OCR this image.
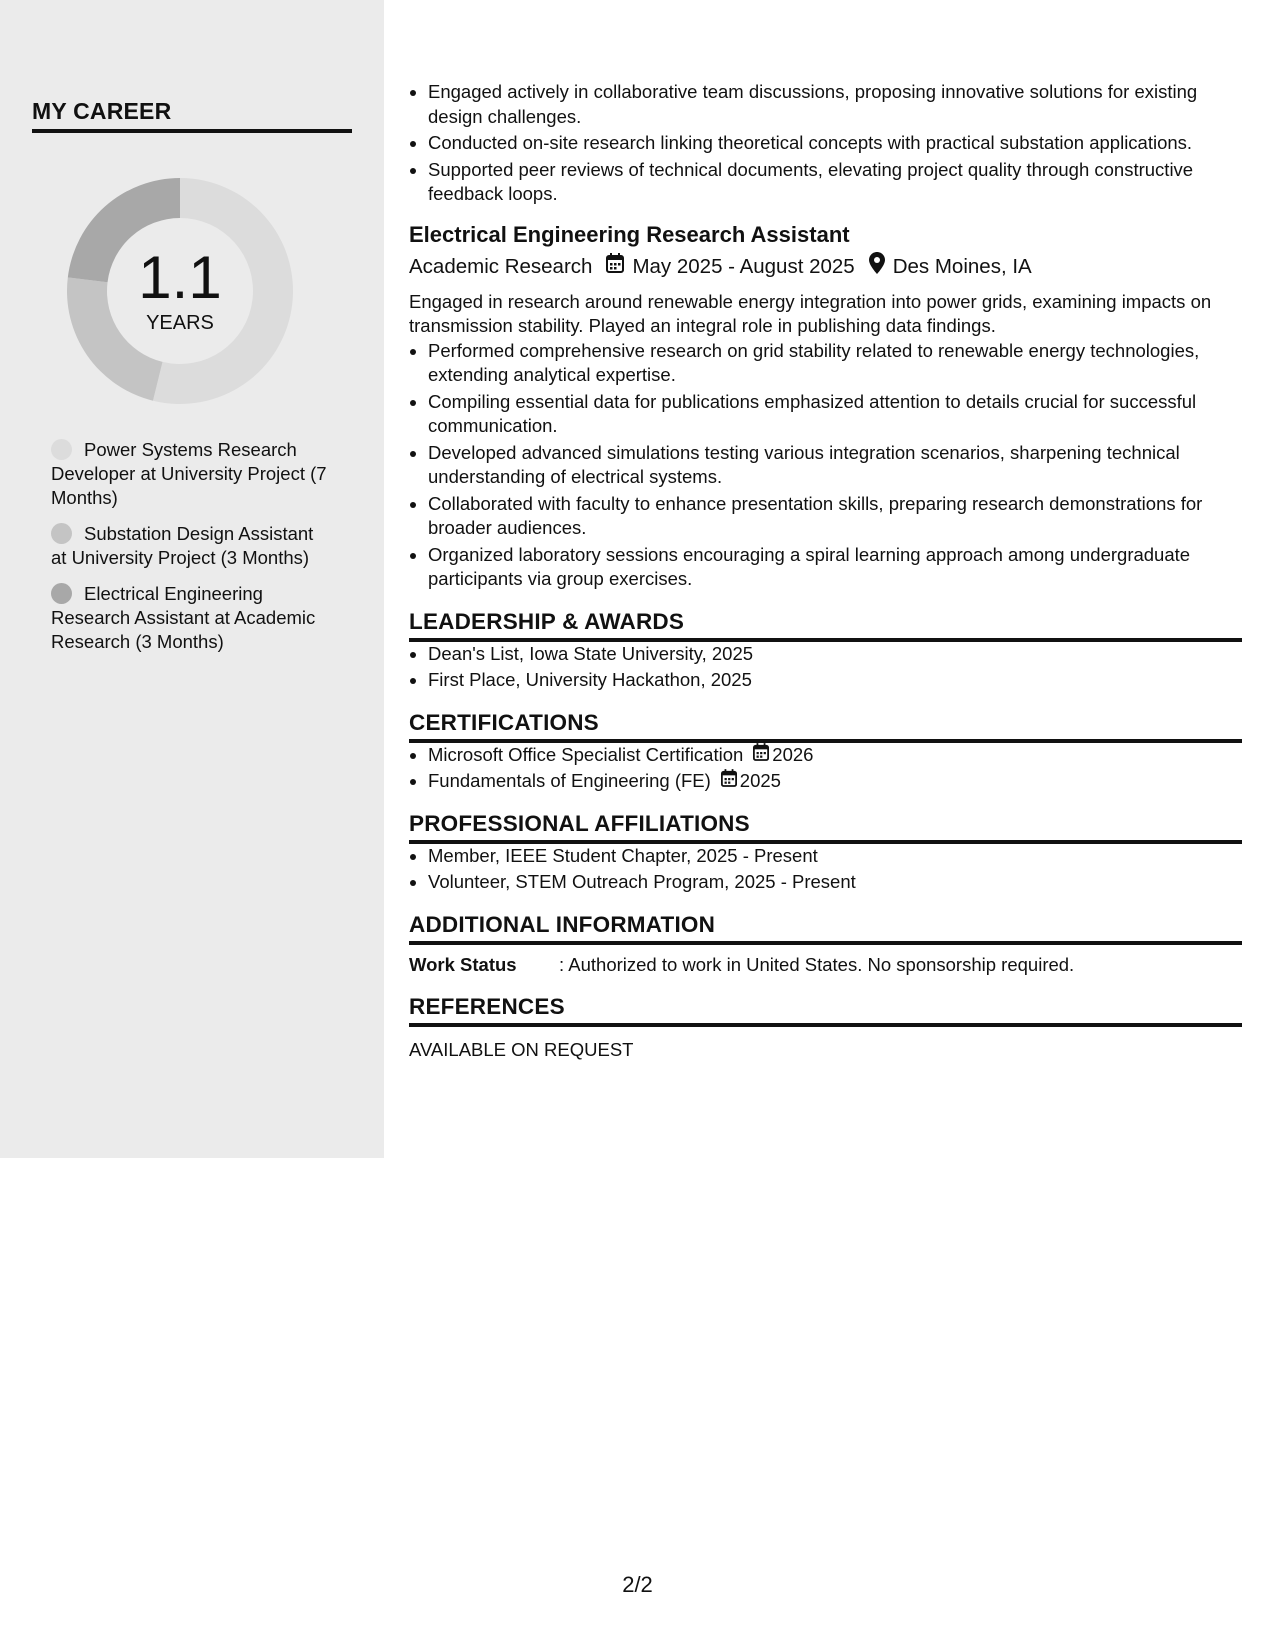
MY CAREER
1.1
YEARS
Power Systems Research Developer at University Project (7 Months)
Substation Design Assistant at University Project (3 Months)
Electrical Engineering Research Assistant at Academic Research (3 Months)
• Engaged actively in collaborative team discussions, proposing innovative solutions for existing design challenges.
• Conducted on-site research linking theoretical concepts with practical substation applications.
• Supported peer reviews of technical documents, elevating project quality through constructive feedback loops.
Electrical Engineering Research Assistant
Academic Research May 2025 - August 2025 Des Moines, IA
Engaged in research around renewable energy integration into power grids, examining impacts on transmission stability. Played an integral role in publishing data findings.
• Performed comprehensive research on grid stability related to renewable energy technologies, extending analytical expertise.
• Compiling essential data for publications emphasized attention to details crucial for successful communication.
• Developed advanced simulations testing various integration scenarios, sharpening technical understanding of electrical systems.
• Collaborated with faculty to enhance presentation skills, preparing research demonstrations for broader audiences.
• Organized laboratory sessions encouraging a spiral learning approach among undergraduate participants via group exercises.
LEADERSHIP & AWARDS
• Dean's List, Iowa State University, 2025
• First Place, University Hackathon, 2025
CERTIFICATIONS
• Microsoft Office Specialist Certification 2026
• Fundamentals of Engineering (FE) 2025
PROFESSIONAL AFFILIATIONS
• Member, IEEE Student Chapter, 2025 - Present
• Volunteer, STEM Outreach Program, 2025 - Present
ADDITIONAL INFORMATION
Work Status : Authorized to work in United States. No sponsorship required.
REFERENCES
AVAILABLE ON REQUEST
2/2
